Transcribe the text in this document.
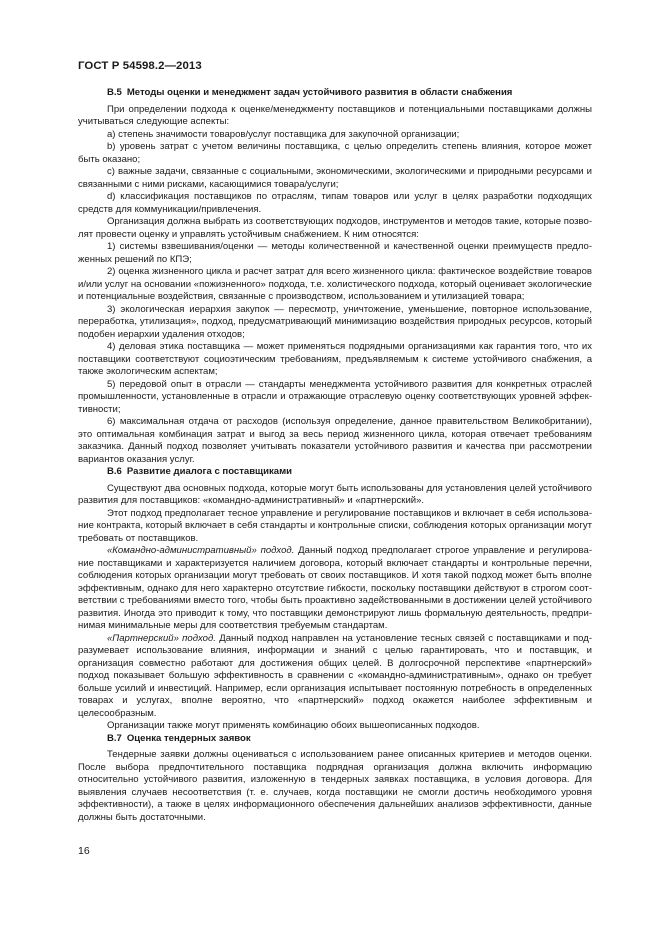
ГОСТ Р 54598.2—2013
В.5 Методы оценки и менеджмент задач устойчивого развития в области снабжения

При определении подхода к оценке/менеджменту поставщиков и потенциальными поставщиками должны учитываться следующие аспекты:

a) степень значимости товаров/услуг поставщика для закупочной организации;

b) уровень затрат с учетом величины поставщика, с целью определить степень влияния, которое может быть оказано;

c) важные задачи, связанные с социальными, экономическими, экологическими и природными ресурсами и связанными с ними рисками, касающимися товара/услуги;

d) классификация поставщиков по отраслям, типам товаров или услуг в целях разработки подходящих средств для коммуникации/привлечения.

Организация должна выбрать из соответствующих подходов, инструментов и методов такие, которые позволят провести оценку и управлять устойчивым снабжением. К ним относятся:

1) системы взвешивания/оценки — методы количественной и качественной оценки преимуществ предложенных решений по КПЭ;

2) оценка жизненного цикла и расчет затрат для всего жизненного цикла: фактическое воздействие товаров и/или услуг на основании «пожизненного» подхода, т.е. холистического подхода, который оценивает экологические и потенциальные воздействия, связанные с производством, использованием и утилизацией товара;

3) экологическая иерархия закупок — пересмотр, уничтожение, уменьшение, повторное использование, переработка, утилизация», подход, предусматривающий минимизацию воздействия природных ресурсов, который подобен иерархии удаления отходов;

4) деловая этика поставщика — может применяться подрядными организациями как гарантия того, что их поставщики соответствуют социоэтическим требованиям, предъявляемым к системе устойчивого снабжения, а также экологическим аспектам;

5) передовой опыт в отрасли — стандарты менеджмента устойчивого развития для конкретных отраслей промышленности, установленные в отрасли и отражающие отраслевую оценку соответствующих уровней эффективности;

6) максимальная отдача от расходов (используя определение, данное правительством Великобритании), это оптимальная комбинация затрат и выгод за весь период жизненного цикла, которая отвечает требованиям заказчика. Данный подход позволяет учитывать показатели устойчивого развития и качества при рассмотрении вариантов оказания услуг.

В.6 Развитие диалога с поставщиками

Существуют два основных подхода, которые могут быть использованы для установления целей устойчивого развития для поставщиков: «командно-административный» и «партнерский».

Этот подход предполагает тесное управление и регулирование поставщиков и включает в себя использование контракта, который включает в себя стандарты и контрольные списки, соблюдения которых организации могут требовать от поставщиков.

«Командно-административный» подход. Данный подход предполагает строгое управление и регулирование поставщиками и характеризуется наличием договора, который включает стандарты и контрольные перечни, соблюдения которых организации могут требовать от своих поставщиков. И хотя такой подход может быть вполне эффективным, однако для него характерно отсутствие гибкости, поскольку поставщики действуют в строгом соответствии с требованиями вместо того, чтобы быть проактивно задействованными в достижении целей устойчивого развития. Иногда это приводит к тому, что поставщики демонстрируют лишь формальную деятельность, предпринимая минимальные меры для соответствия требуемым стандартам.

«Партнерский» подход. Данный подход направлен на установление тесных связей с поставщиками и подразумевает использование влияния, информации и знаний с целью гарантировать, что и поставщик, и организация совместно работают для достижения общих целей. В долгосрочной перспективе «партнерский» подход показывает большую эффективность в сравнении с «командно-административным», однако он требует больше усилий и инвестиций. Например, если организация испытывает постоянную потребность в определенных товарах и услугах, вполне вероятно, что «партнерский» подход окажется наиболее эффективным и целесообразным.

Организации также могут применять комбинацию обоих вышеописанных подходов.

В.7 Оценка тендерных заявок

Тендерные заявки должны оцениваться с использованием ранее описанных критериев и методов оценки. После выбора предпочтительного поставщика подрядная организация должна включить информацию относительно устойчивого развития, изложенную в тендерных заявках поставщика, в условия договора. Для выявления случаев несоответствия (т. е. случаев, когда поставщики не смогли достичь необходимого уровня эффективности), а также в целях информационного обеспечения дальнейших анализов эффективности, данные должны быть достаточными.

16
